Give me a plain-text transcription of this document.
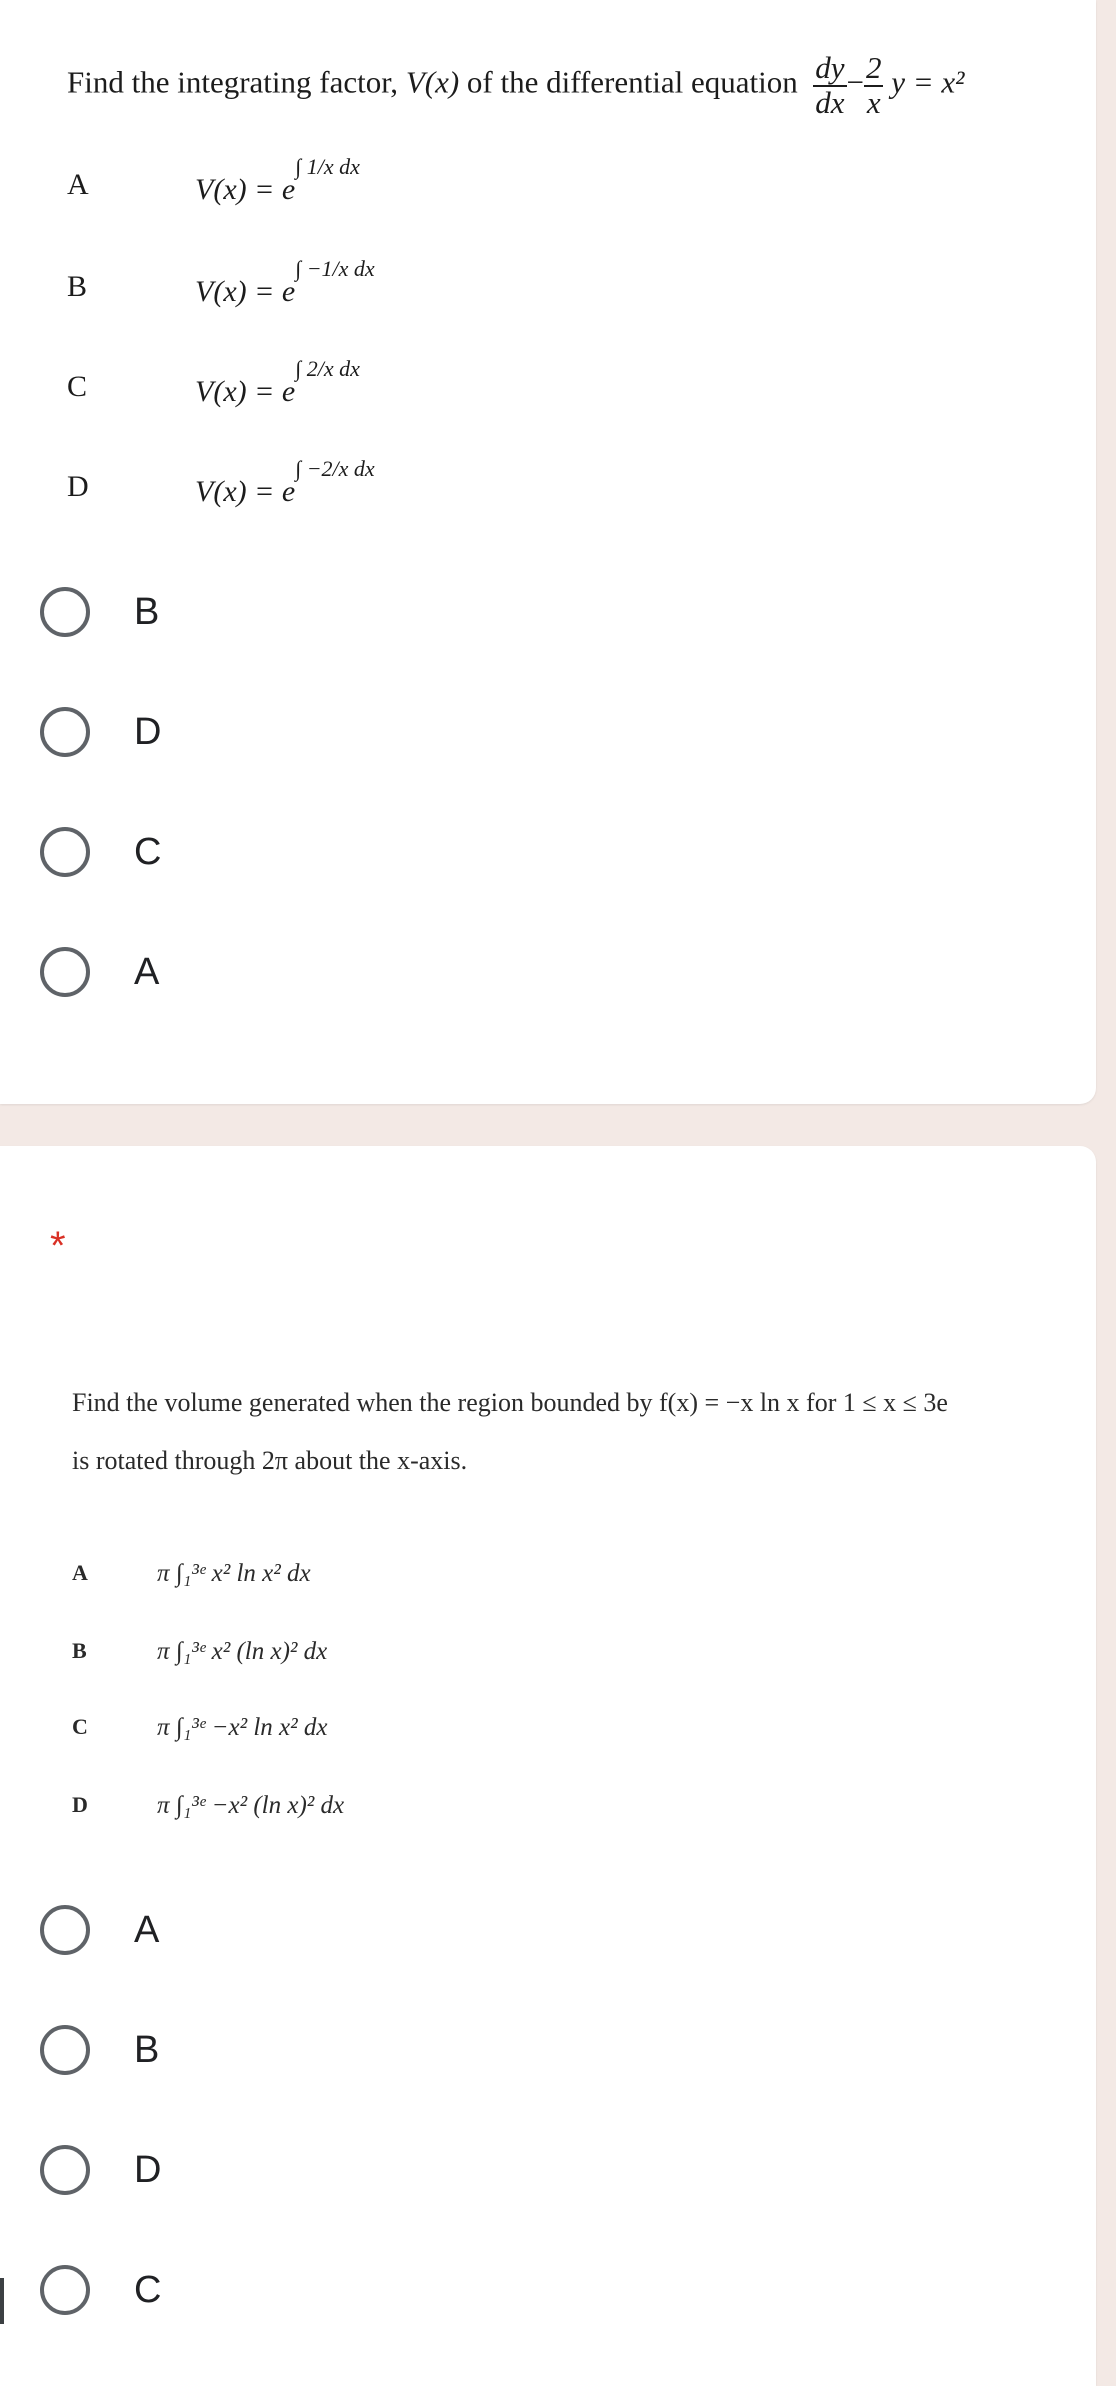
Find the integrating factor, V(x) of the differential equation $\frac{dy}{dx} - \frac{2}{x}$ y = x²
A	$V(x) = e^{\int 1/x dx}$
B	$V(x) = e^{\int -1/x dx}$
C	$V(x) = e^{\int 2/x dx}$
D	$V(x) = e^{\int -2/x dx}$
B
D
C
A
*
Find the volume generated when the region bounded by f(x) = −x ln x for 1 ≤ x ≤ 3e
is rotated through 2π about the x-axis.
A	π ∫₁³ᵉ x² ln x² dx
B	π ∫₁³ᵉ x² (ln x)² dx
C	π ∫₁³ᵉ −x² ln x² dx
D	π ∫₁³ᵉ −x² (ln x)² dx
A
B
D
C
